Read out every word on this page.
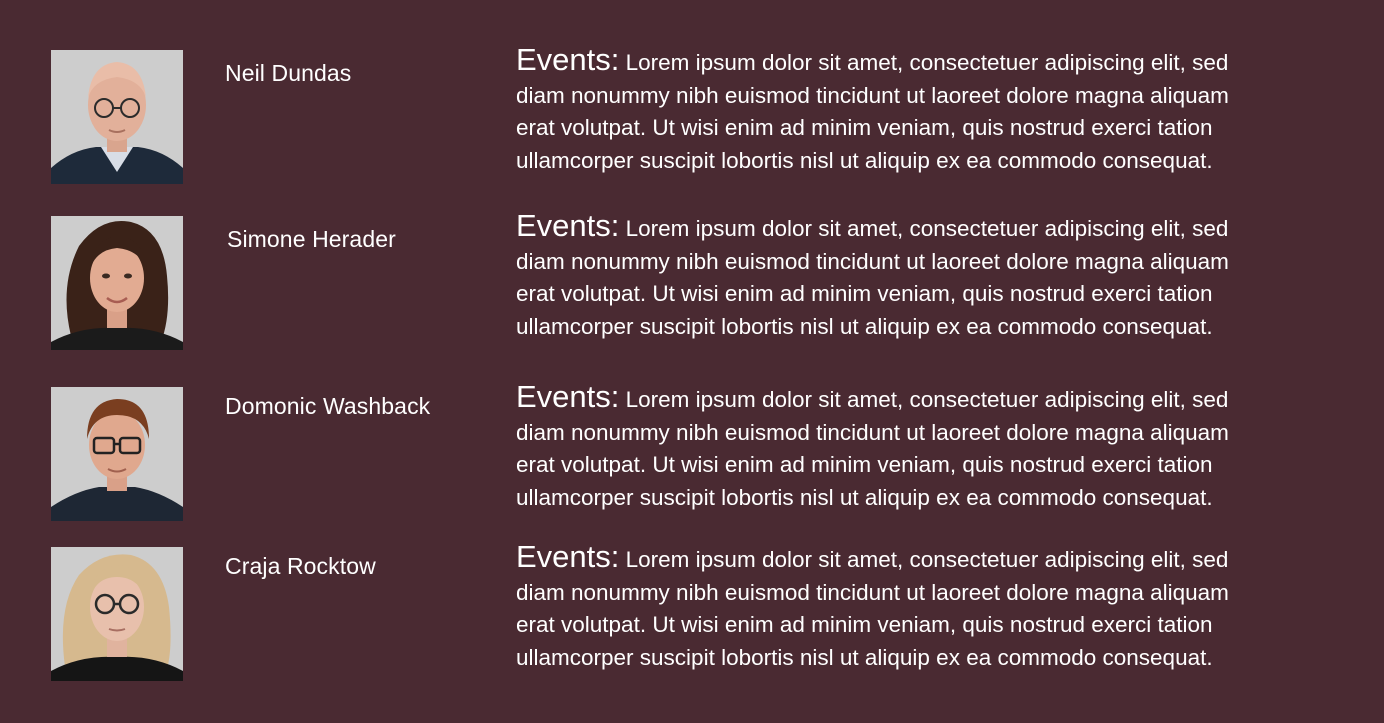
Neil Dundas	Events: Lorem ipsum dolor sit amet, consectetuer adipiscing elit, sed
diam nonummy nibh euismod tincidunt ut laoreet dolore magna aliquam
erat volutpat. Ut wisi enim ad minim veniam, quis nostrud exerci tation
ullamcorper suscipit lobortis nisl ut aliquip ex ea commodo consequat.
Simone Herader	Events: Lorem ipsum dolor sit amet, consectetuer adipiscing elit, sed
diam nonummy nibh euismod tincidunt ut laoreet dolore magna aliquam
erat volutpat. Ut wisi enim ad minim veniam, quis nostrud exerci tation
ullamcorper suscipit lobortis nisl ut aliquip ex ea commodo consequat.
Domonic Washback	Events: Lorem ipsum dolor sit amet, consectetuer adipiscing elit, sed
diam nonummy nibh euismod tincidunt ut laoreet dolore magna aliquam
erat volutpat. Ut wisi enim ad minim veniam, quis nostrud exerci tation
ullamcorper suscipit lobortis nisl ut aliquip ex ea commodo consequat.
Craja Rocktow	Events: Lorem ipsum dolor sit amet, consectetuer adipiscing elit, sed
diam nonummy nibh euismod tincidunt ut laoreet dolore magna aliquam
erat volutpat. Ut wisi enim ad minim veniam, quis nostrud exerci tation
ullamcorper suscipit lobortis nisl ut aliquip ex ea commodo consequat.
